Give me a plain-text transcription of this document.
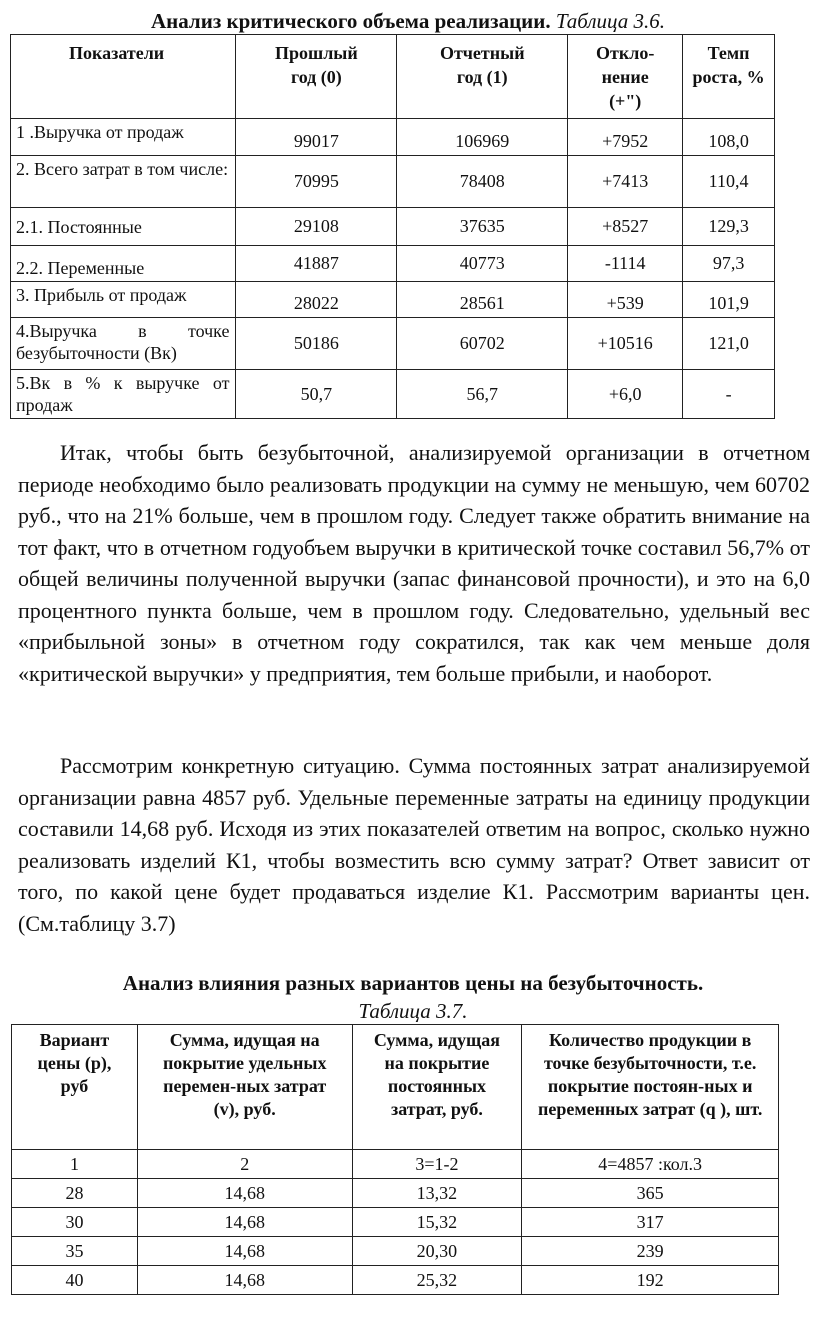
Анализ критического объема реализации. Таблица 3.6.
Показатели	Прошлый год (0)	Отчетный год (1)	Откло-нение (+")	Темп роста, %
1 .Выручка от продаж	99017	106969	+7952	108,0
2. Всего затрат в том числе:	70995	78408	+7413	110,4
2.1. Постоянные	29108	37635	+8527	129,3
2.2. Переменные	41887	40773	-1114	97,3
3. Прибыль от продаж	28022	28561	+539	101,9
4.Выручка в точке безубыточности (Вк)	50186	60702	+10516	121,0
5.Вк в % к выручке от продаж	50,7	56,7	+6,0	-
Итак, чтобы быть безубыточной, анализируемой организации в отчетном периоде необходимо было реализовать продукции на сумму не меньшую, чем 60702 руб., что на 21% больше, чем в прошлом году. Следует также обратить внимание на тот факт, что в отчетном годуобъем выручки в критической точке составил 56,7% от общей величины полученной выручки (запас финансовой прочности), и это на 6,0 процентного пункта больше, чем в прошлом году. Следовательно, удельный вес «прибыльной зоны» в отчетном году сократился, так как чем меньше доля «критической выручки» у предприятия, тем больше прибыли, и наоборот.
Рассмотрим конкретную ситуацию. Сумма постоянных затрат анализируемой организации равна 4857 руб. Удельные переменные затраты на единицу продукции составили 14,68 руб. Исходя из этих показателей ответим на вопрос, сколько нужно реализовать изделий К1, чтобы возместить всю сумму затрат? Ответ зависит от того, по какой цене будет продаваться изделие К1. Рассмотрим варианты цен. (См.таблицу 3.7)
Анализ влияния разных вариантов цены на безубыточность.
Таблица 3.7.
Вариант цены (р), руб	Сумма, идущая на покрытие удельных перемен-ных затрат (v), руб.	Сумма, идущая на покрытие постоянных затрат, руб.	Количество продукции в точке безубыточности, т.е. покрытие постоян-ных и переменных затрат (q ), шт.
1	2	3=1-2	4=4857 :кол.3
28	14,68	13,32	365
30	14,68	15,32	317
35	14,68	20,30	239
40	14,68	25,32	192
